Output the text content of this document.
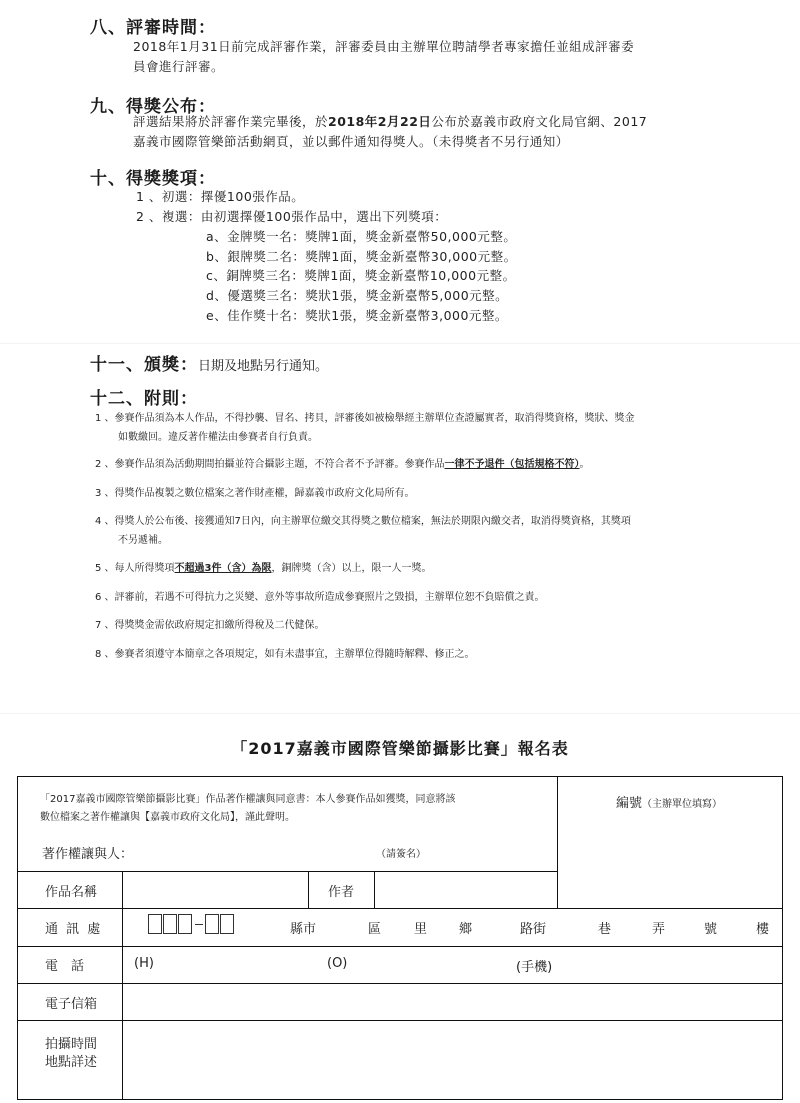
八、評審時間：
2018年1月31日前完成評審作業，評審委員由主辦單位聘請學者專家擔任並組成評審委
員會進行評審。
九、得獎公布：
評選結果將於評審作業完畢後，於2018年2月22日公布於嘉義市政府文化局官網、2017
嘉義市國際管樂節活動網頁，並以郵件通知得獎人。（未得獎者不另行通知）
十、得獎獎項：
1 、初選：擇優100張作品。
2 、複選：由初選擇優100張作品中，選出下列獎項：
a、金牌獎一名：獎牌1面，獎金新臺幣50,000元整。
b、銀牌獎二名：獎牌1面，獎金新臺幣30,000元整。
c、銅牌獎三名：獎牌1面，獎金新臺幣10,000元整。
d、優選獎三名：獎狀1張，獎金新臺幣5,000元整。
e、佳作獎十名：獎狀1張，獎金新臺幣3,000元整。
十一、頒獎：日期及地點另行通知。
十二、附則：
1 、參賽作品須為本人作品，不得抄襲、冒名、拷貝，評審後如被檢舉經主辦單位查證屬實者，取消得獎資格，獎狀、獎金
如數繳回。違反著作權法由參賽者自行負責。
2 、參賽作品須為活動期間拍攝並符合攝影主題，不符合者不予評審。參賽作品一律不予退件（包括規格不符）。
3 、得獎作品複製之數位檔案之著作財產權，歸嘉義市政府文化局所有。
4 、得獎人於公布後、接獲通知7日內，向主辦單位繳交其得獎之數位檔案，無法於期限內繳交者，取消得獎資格，其獎項
不另遞補。
5 、每人所得獎項不超過3件（含）為限，銅牌獎（含）以上，限一人一獎。
6 、評審前，若遇不可得抗力之災變、意外等事故所造成參賽照片之毀損，主辦單位恕不負賠償之責。
7 、得獎獎金需依政府規定扣繳所得稅及二代健保。
8 、參賽者須遵守本簡章之各項規定，如有未盡事宜，主辦單位得隨時解釋、修正之。
「2017嘉義市國際管樂節攝影比賽」報名表
「2017嘉義市國際管樂節攝影比賽」作品著作權讓與同意書：本人參賽作品如獲獎，同意將該
數位檔案之著作權讓與【嘉義市政府文化局】，謹此聲明。
著作權讓與人：	（請簽名）
編號（主辦單位填寫）
作品名稱	作者
通 訊 處	縣市	區	里 鄉	路街	巷	弄	號	樓
電　話	(H)	(O)	(手機)
電子信箱
拍攝時間
地點詳述
